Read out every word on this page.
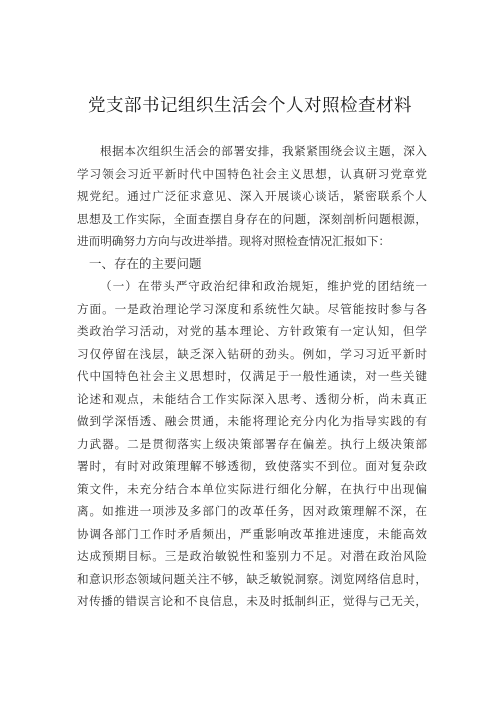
党支部书记组织生活会个人对照检查材料
根据本次组织生活会的部署安排，我紧紧围绕会议主题，深入
学习领会习近平新时代中国特色社会主义思想，认真研习党章党
规党纪。通过广泛征求意见、深入开展谈心谈话，紧密联系个人
思想及工作实际，全面查摆自身存在的问题，深刻剖析问题根源，
进而明确努力方向与改进举措。现将对照检查情况汇报如下：
一、存在的主要问题
（一）在带头严守政治纪律和政治规矩，维护党的团结统一
方面。一是政治理论学习深度和系统性欠缺。尽管能按时参与各
类政治学习活动，对党的基本理论、方针政策有一定认知，但学
习仅停留在浅层，缺乏深入钻研的劲头。例如，学习习近平新时
代中国特色社会主义思想时，仅满足于一般性通读，对一些关键
论述和观点，未能结合工作实际深入思考、透彻分析，尚未真正
做到学深悟透、融会贯通，未能将理论充分内化为指导实践的有
力武器。二是贯彻落实上级决策部署存在偏差。执行上级决策部
署时，有时对政策理解不够透彻，致使落实不到位。面对复杂政
策文件，未充分结合本单位实际进行细化分解，在执行中出现偏
离。如推进一项涉及多部门的改革任务，因对政策理解不深，在
协调各部门工作时矛盾频出，严重影响改革推进速度，未能高效
达成预期目标。三是政治敏锐性和鉴别力不足。对潜在政治风险
和意识形态领域问题关注不够，缺乏敏锐洞察。浏览网络信息时，
对传播的错误言论和不良信息，未及时抵制纠正，觉得与己无关，
